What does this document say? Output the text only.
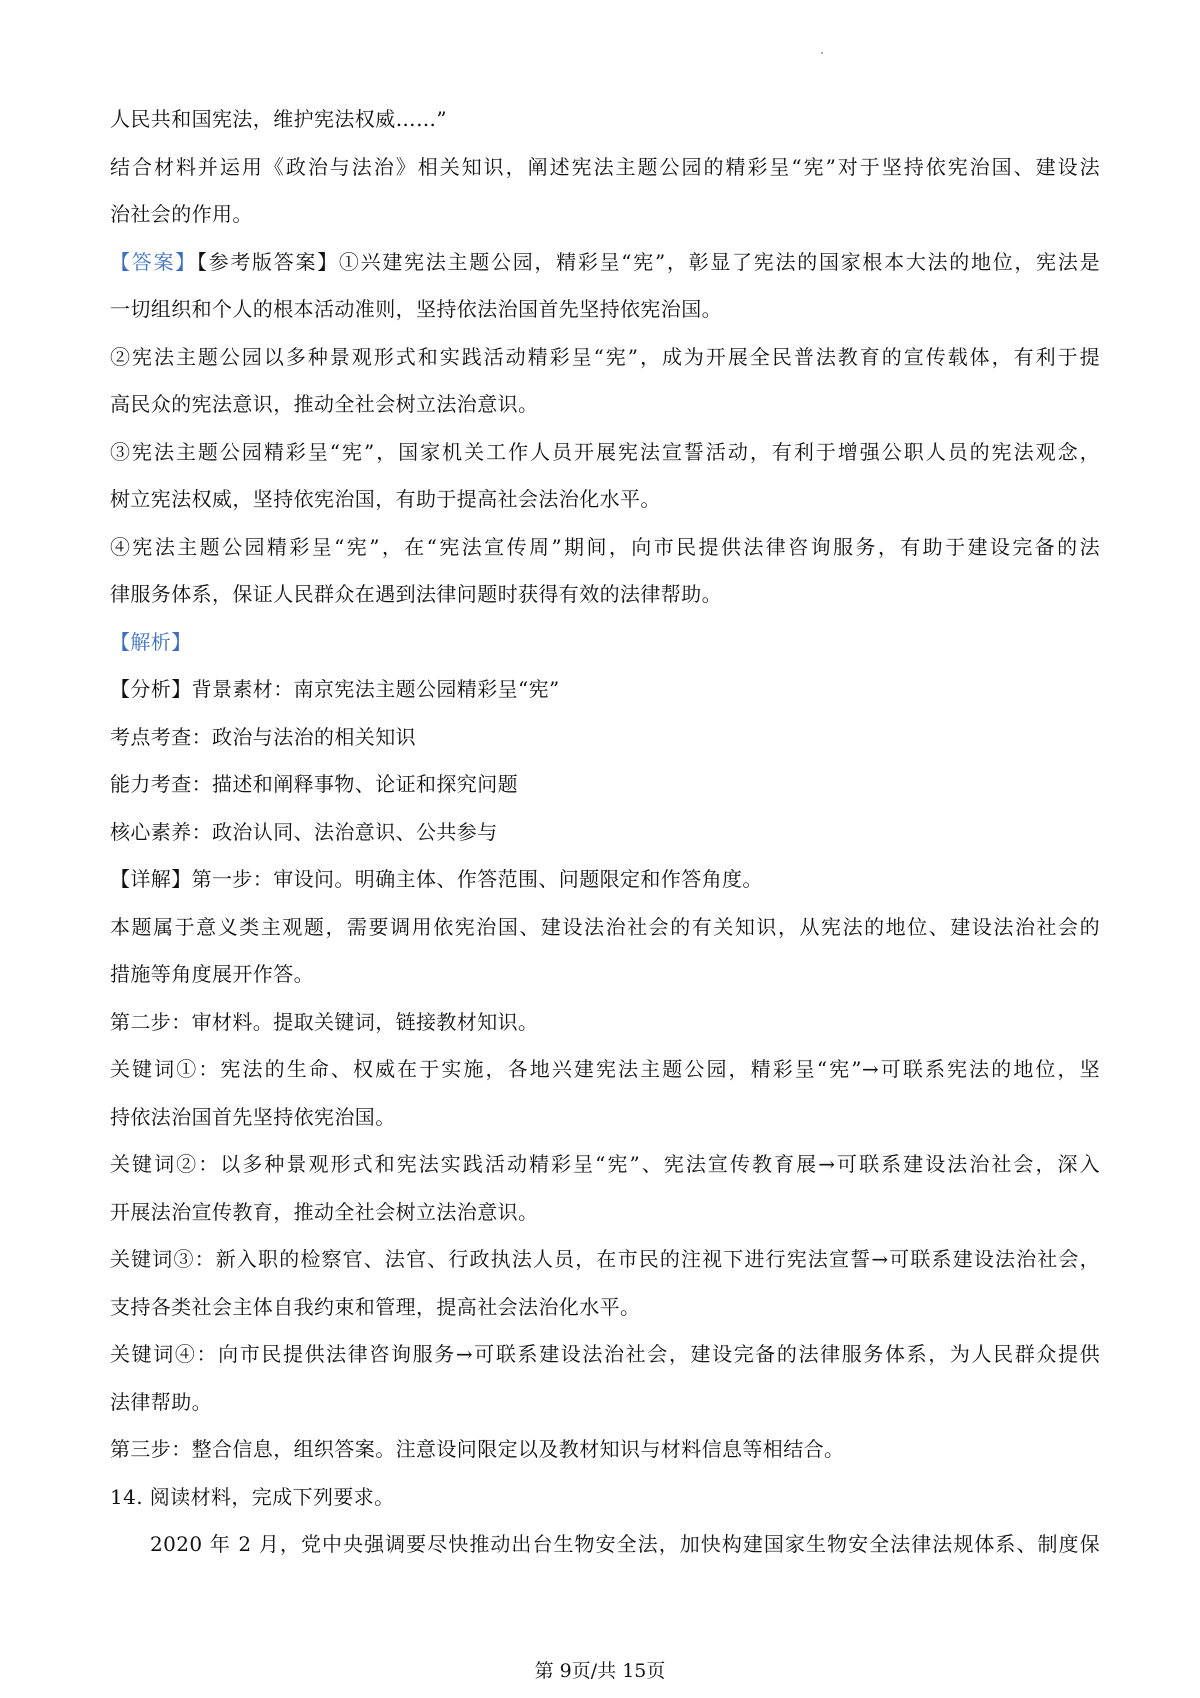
人民共和国宪法，维护宪法权威……”
结合材料并运用《政治与法治》相关知识，阐述宪法主题公园的精彩呈“宪”对于坚持依宪治国、建设法
治社会的作用。
【答案】【参考版答案】①兴建宪法主题公园，精彩呈“宪”，彰显了宪法的国家根本大法的地位，宪法是
一切组织和个人的根本活动准则，坚持依法治国首先坚持依宪治国。
②宪法主题公园以多种景观形式和实践活动精彩呈“宪”，成为开展全民普法教育的宣传载体，有利于提
高民众的宪法意识，推动全社会树立法治意识。
③宪法主题公园精彩呈“宪”，国家机关工作人员开展宪法宣誓活动，有利于增强公职人员的宪法观念，
树立宪法权威，坚持依宪治国，有助于提高社会法治化水平。
④宪法主题公园精彩呈“宪”，在“宪法宣传周”期间，向市民提供法律咨询服务，有助于建设完备的法
律服务体系，保证人民群众在遇到法律问题时获得有效的法律帮助。
【解析】
【分析】背景素材：南京宪法主题公园精彩呈“宪”
考点考查：政治与法治的相关知识
能力考查：描述和阐释事物、论证和探究问题
核心素养：政治认同、法治意识、公共参与
【详解】第一步：审设问。明确主体、作答范围、问题限定和作答角度。
本题属于意义类主观题，需要调用依宪治国、建设法治社会的有关知识，从宪法的地位、建设法治社会的
措施等角度展开作答。
第二步：审材料。提取关键词，链接教材知识。
关键词①：宪法的生命、权威在于实施，各地兴建宪法主题公园，精彩呈“宪”→可联系宪法的地位，坚
持依法治国首先坚持依宪治国。
关键词②：以多种景观形式和宪法实践活动精彩呈“宪”、宪法宣传教育展→可联系建设法治社会，深入
开展法治宣传教育，推动全社会树立法治意识。
关键词③：新入职的检察官、法官、行政执法人员，在市民的注视下进行宪法宣誓→可联系建设法治社会，
支持各类社会主体自我约束和管理，提高社会法治化水平。
关键词④：向市民提供法律咨询服务→可联系建设法治社会，建设完备的法律服务体系，为人民群众提供
法律帮助。
第三步：整合信息，组织答案。注意设问限定以及教材知识与材料信息等相结合。
14. 阅读材料，完成下列要求。
2020 年 2 月，党中央强调要尽快推动出台生物安全法，加快构建国家生物安全法律法规体系、制度保
第 9页/共 15页
